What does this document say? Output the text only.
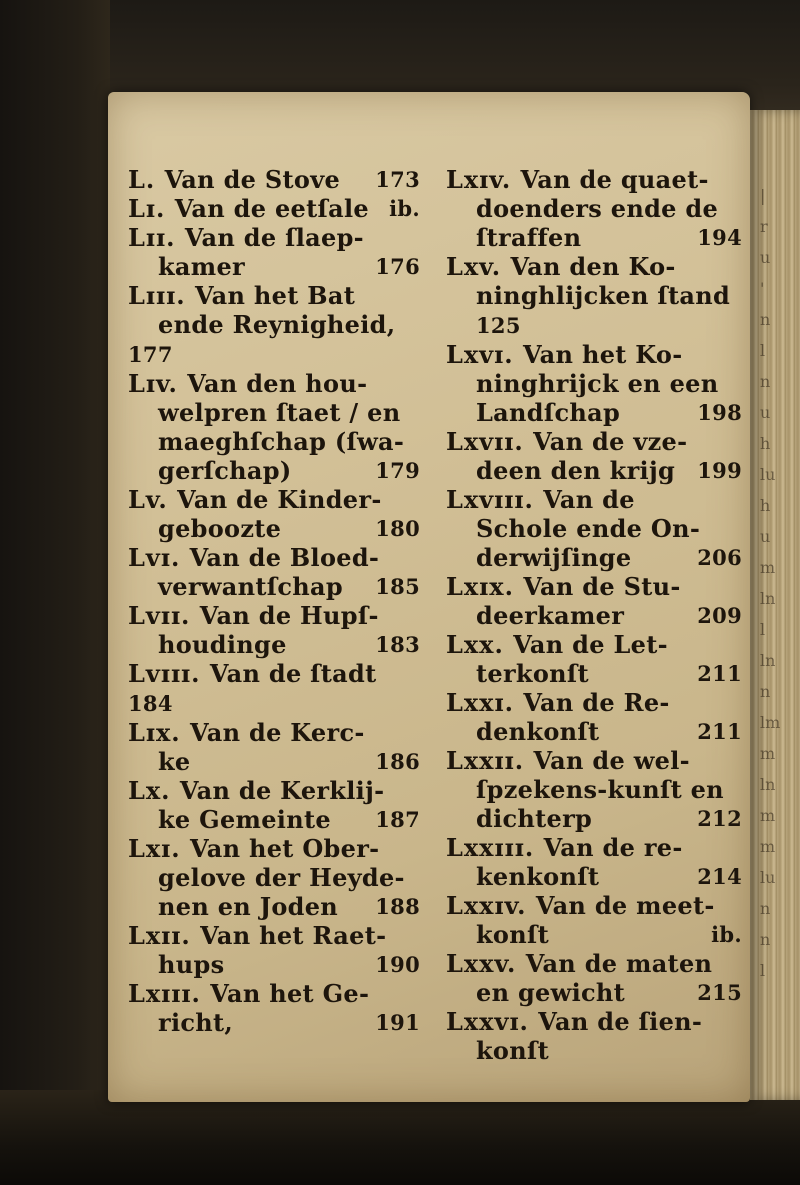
|
r
u
'
n
l
n
u
h
lu
h
u
m
ln
l
ln
n
lm
m
ln
m
m
lu
n
n
l
L. Van de Stove 173
Lɪ. Van de eetſale ib.
Lɪɪ. Van de ſlaep-
kamer	176
Lɪɪɪ. Van het Bat
ende Reynigheid,
177
Lɪv. Van den hou-
welpren ſtaet / en
maeghſchap (ſwa-
gerſchap)	179
Lv. Van de Kinder-
geboozte	180
Lvɪ. Van de Bloed-
verwantſchap 185
Lvɪɪ. Van de Hupſ-
houdinge	183
Lvɪɪɪ. Van de ſtadt
184
Lɪx. Van de Kerc-
ke	186
Lx. Van de Kerklij-
ke Gemeinte 187
Lxɪ. Van het Ober-
gelove der Heyde-
nen en Joden 188
Lxɪɪ. Van het Raet-
hups	190
Lxɪɪɪ. Van het Ge-
richt,	191
Lxɪv. Van de quaet-
doenders ende de
ſtraffen	194
Lxv. Van den Ko-
ninghlijcken ſtand
125
Lxvɪ. Van het Ko-
ninghrijck en een
Landſchap	198
Lxvɪɪ. Van de vze-
deen den krijg 199
Lxvɪɪɪ. Van de
Schole ende On-
derwijſinge	206
Lxɪx. Van de Stu-
deerkamer	209
Lxx. Van de Let-
terkonſt	211
Lxxɪ. Van de Re-
denkonſt	211
Lxxɪɪ. Van de wel-
ſpzekens-kunſt en
dichterp	212
Lxxɪɪɪ. Van de re-
kenkonſt	214
Lxxɪv. Van de meet-
konſt	ib.
Lxxv. Van de maten
en gewicht	215
Lxxvɪ. Van de ſien-
konſt
